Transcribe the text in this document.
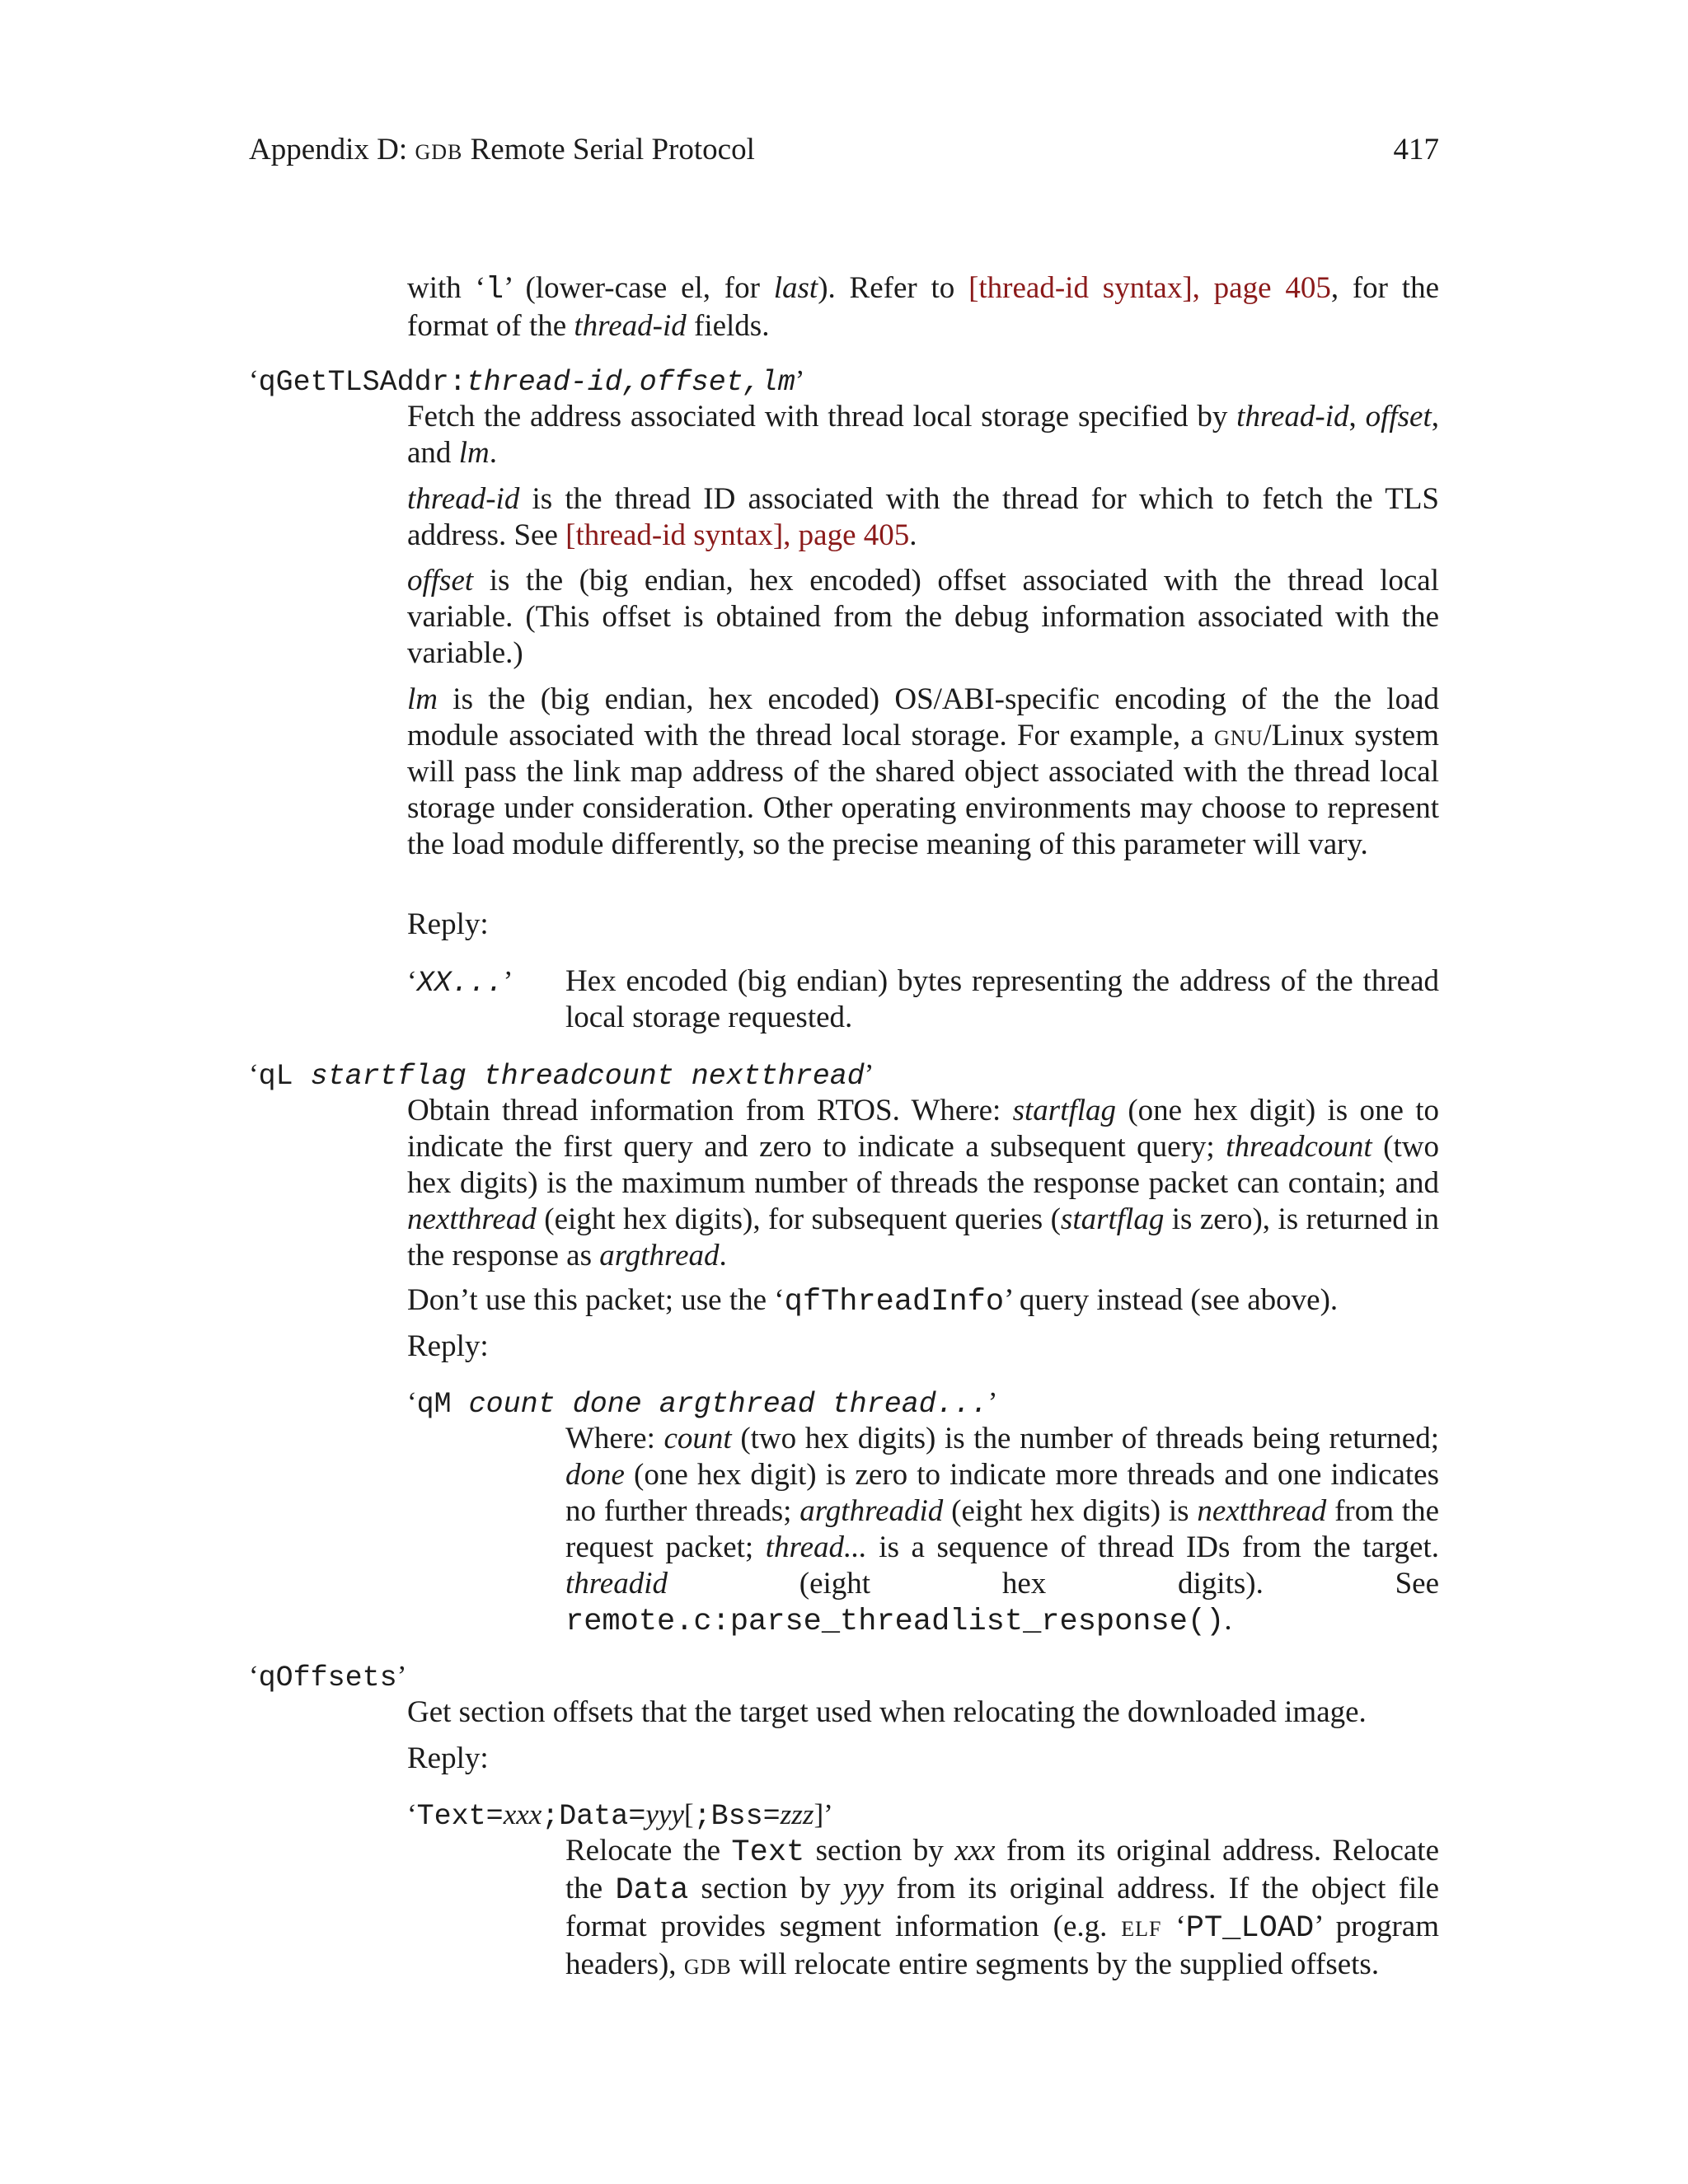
Appendix D: gdb Remote Serial Protocol	417

with ‘l’ (lower-case el, for last). Refer to [thread-id syntax], page 405, for the format of the thread-id fields.

‘qGetTLSAddr:thread-id,offset,lm’

Fetch the address associated with thread local storage specified by thread-id, offset, and lm.

thread-id is the thread ID associated with the thread for which to fetch the TLS address. See [thread-id syntax], page 405.

offset is the (big endian, hex encoded) offset associated with the thread local variable. (This offset is obtained from the debug information associated with the variable.)

lm is the (big endian, hex encoded) OS/ABI-specific encoding of the the load module associated with the thread local storage. For example, a gnu/Linux system will pass the link map address of the shared object associated with the thread local storage under consideration. Other operating environments may choose to represent the load module differently, so the precise meaning of this parameter will vary.

Reply:

‘XX...’ Hex encoded (big endian) bytes representing the address of the thread local storage requested.

‘qL startflag threadcount nextthread’

Obtain thread information from RTOS. Where: startflag (one hex digit) is one to indicate the first query and zero to indicate a subsequent query; threadcount (two hex digits) is the maximum number of threads the response packet can contain; and nextthread (eight hex digits), for subsequent queries (startflag is zero), is returned in the response as argthread.

Don’t use this packet; use the ‘qfThreadInfo’ query instead (see above).

Reply:

‘qM count done argthread thread...’

Where: count (two hex digits) is the number of threads being returned; done (one hex digit) is zero to indicate more threads and one indicates no further threads; argthreadid (eight hex digits) is nextthread from the request packet; thread... is a sequence of thread IDs from the target. threadid (eight hex digits). See remote.c:parse_threadlist_response().

‘qOffsets’

Get section offsets that the target used when relocating the downloaded image.

Reply:

‘Text=xxx;Data=yyy[;Bss=zzz]’

Relocate the Text section by xxx from its original address. Relocate the Data section by yyy from its original address. If the object file format provides segment information (e.g. elf ‘PT_LOAD’ program headers), gdb will relocate entire segments by the supplied offsets.
